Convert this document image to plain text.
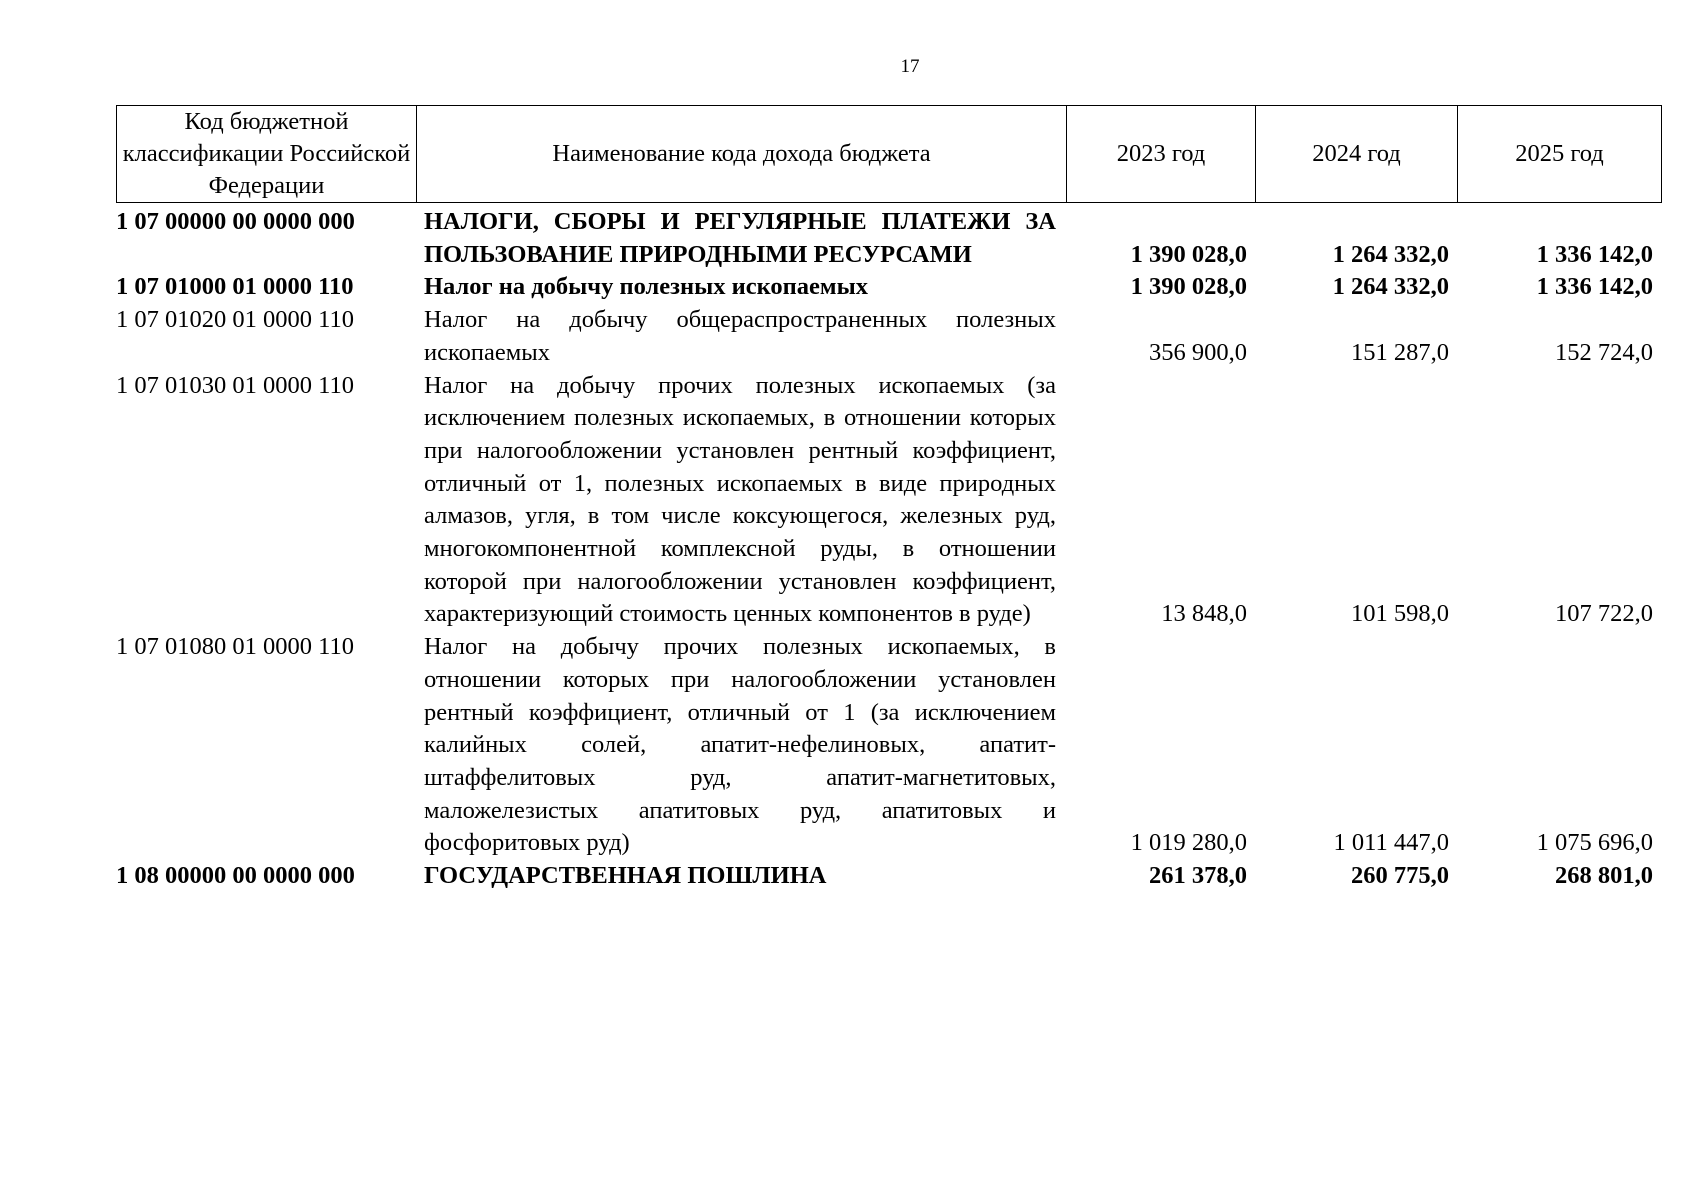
17
Код бюджетной классификации Российской Федерации	Наименование кода дохода бюджета	2023 год	2024 год	2025 год
1 07 00000 00 0000 000	НАЛОГИ, СБОРЫ И РЕГУЛЯРНЫЕ ПЛАТЕЖИ ЗА ПОЛЬЗОВАНИЕ ПРИРОДНЫМИ РЕСУРСАМИ	1 390 028,0	1 264 332,0	1 336 142,0
1 07 01000 01 0000 110	Налог на добычу полезных ископаемых	1 390 028,0	1 264 332,0	1 336 142,0
1 07 01020 01 0000 110	Налог на добычу общераспространенных полезных ископаемых	356 900,0	151 287,0	152 724,0
1 07 01030 01 0000 110	Налог на добычу прочих полезных ископаемых (за исключением полезных ископаемых, в отношении которых при налогообложении установлен рентный коэффициент, отличный от 1, полезных ископаемых в виде природных алмазов, угля, в том числе коксующегося, железных руд, многокомпонентной комплексной руды, в отношении которой при налогообложении установлен коэффициент, характеризующий стоимость ценных компонентов в руде)	13 848,0	101 598,0	107 722,0
1 07 01080 01 0000 110	Налог на добычу прочих полезных ископаемых, в отношении которых при налогообложении установлен рентный коэффициент, отличный от 1 (за исключением калийных солей, апатит-нефелиновых, апатит-штаффелитовых руд, апатит-магнетитовых, маложелезистых апатитовых руд, апатитовых и фосфоритовых руд)	1 019 280,0	1 011 447,0	1 075 696,0
1 08 00000 00 0000 000	ГОСУДАРСТВЕННАЯ ПОШЛИНА	261 378,0	260 775,0	268 801,0
